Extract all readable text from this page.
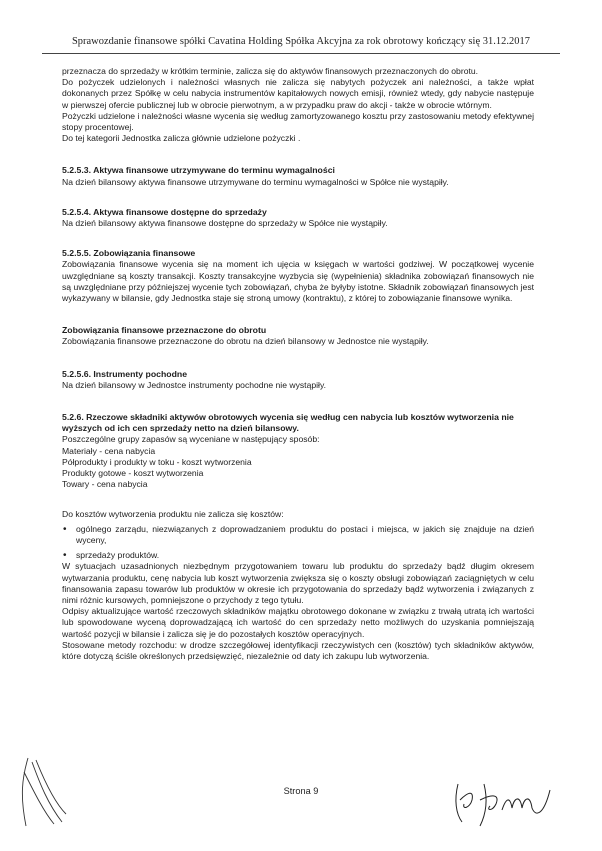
Sprawozdanie finansowe spółki Cavatina Holding Spółka Akcyjna za rok obrotowy kończący się 31.12.2017

przeznacza do sprzedaży w krótkim terminie, zalicza się do aktywów finansowych przeznaczonych do obrotu.

Do pożyczek udzielonych i należności własnych nie zalicza się nabytych pożyczek ani należności, a także wpłat dokonanych przez Spółkę w celu nabycia instrumentów kapitałowych nowych emisji, również wtedy, gdy nabycie następuje w pierwszej ofercie publicznej lub w obrocie pierwotnym, a w przypadku praw do akcji - także w obrocie wtórnym.

Pożyczki udzielone i należności własne wycenia się według zamortyzowanego kosztu przy zastosowaniu metody efektywnej stopy procentowej.

Do tej kategorii Jednostka zalicza głównie udzielone pożyczki .

5.2.5.3. Aktywa finansowe utrzymywane do terminu wymagalności

Na dzień bilansowy aktywa finansowe utrzymywane do terminu wymagalności w Spółce nie wystąpiły.

5.2.5.4. Aktywa finansowe dostępne do sprzedaży

Na dzień bilansowy aktywa finansowe dostępne do sprzedaży w Spółce nie wystąpiły.

5.2.5.5. Zobowiązania finansowe

Zobowiązania finansowe wycenia się na moment ich ujęcia w księgach w wartości godziwej. W początkowej wycenie uwzględniane są koszty transakcji. Koszty transakcyjne wyzbycia się (wypełnienia) składnika zobowiązań finansowych nie są uwzględniane przy późniejszej wycenie tych zobowiązań, chyba że byłyby istotne. Składnik zobowiązań finansowych jest wykazywany w bilansie, gdy Jednostka staje się stroną umowy (kontraktu), z której to zobowiązanie finansowe wynika.

Zobowiązania finansowe przeznaczone do obrotu

Zobowiązania finansowe przeznaczone do obrotu na dzień bilansowy w Jednostce nie wystąpiły.

5.2.5.6. Instrumenty pochodne

Na dzień bilansowy w Jednostce instrumenty pochodne nie wystąpiły.

5.2.6. Rzeczowe składniki aktywów obrotowych wycenia się według cen nabycia lub kosztów wytworzenia nie wyższych od ich cen sprzedaży netto na dzień bilansowy.

Poszczególne grupy zapasów są wyceniane w następujący sposób:

Materiały - cena nabycia
Półprodukty i produkty w toku - koszt wytworzenia
Produkty gotowe - koszt wytworzenia
Towary - cena nabycia

Do kosztów wytworzenia produktu nie zalicza się kosztów:

• ogólnego zarządu, niezwiązanych z doprowadzaniem produktu do postaci i miejsca, w jakich się znajduje na dzień wyceny,
• sprzedaży produktów.

W sytuacjach uzasadnionych niezbędnym przygotowaniem towaru lub produktu do sprzedaży bądź długim okresem wytwarzania produktu, cenę nabycia lub koszt wytworzenia zwiększa się o koszty obsługi zobowiązań zaciągniętych w celu finansowania zapasu towarów lub produktów w okresie ich przygotowania do sprzedaży bądź wytworzenia i związanych z nimi różnic kursowych, pomniejszone o przychody z tego tytułu.

Odpisy aktualizujące wartość rzeczowych składników majątku obrotowego dokonane w związku z trwałą utratą ich wartości lub spowodowane wyceną doprowadzającą ich wartość do cen sprzedaży netto możliwych do uzyskania pomniejszają wartość pozycji w bilansie i zalicza się je do pozostałych kosztów operacyjnych.

Stosowane metody rozchodu: w drodze szczegółowej identyfikacji rzeczywistych cen (kosztów) tych składników aktywów, które dotyczą ściśle określonych przedsięwzięć, niezależnie od daty ich zakupu lub wytworzenia.

Strona 9
